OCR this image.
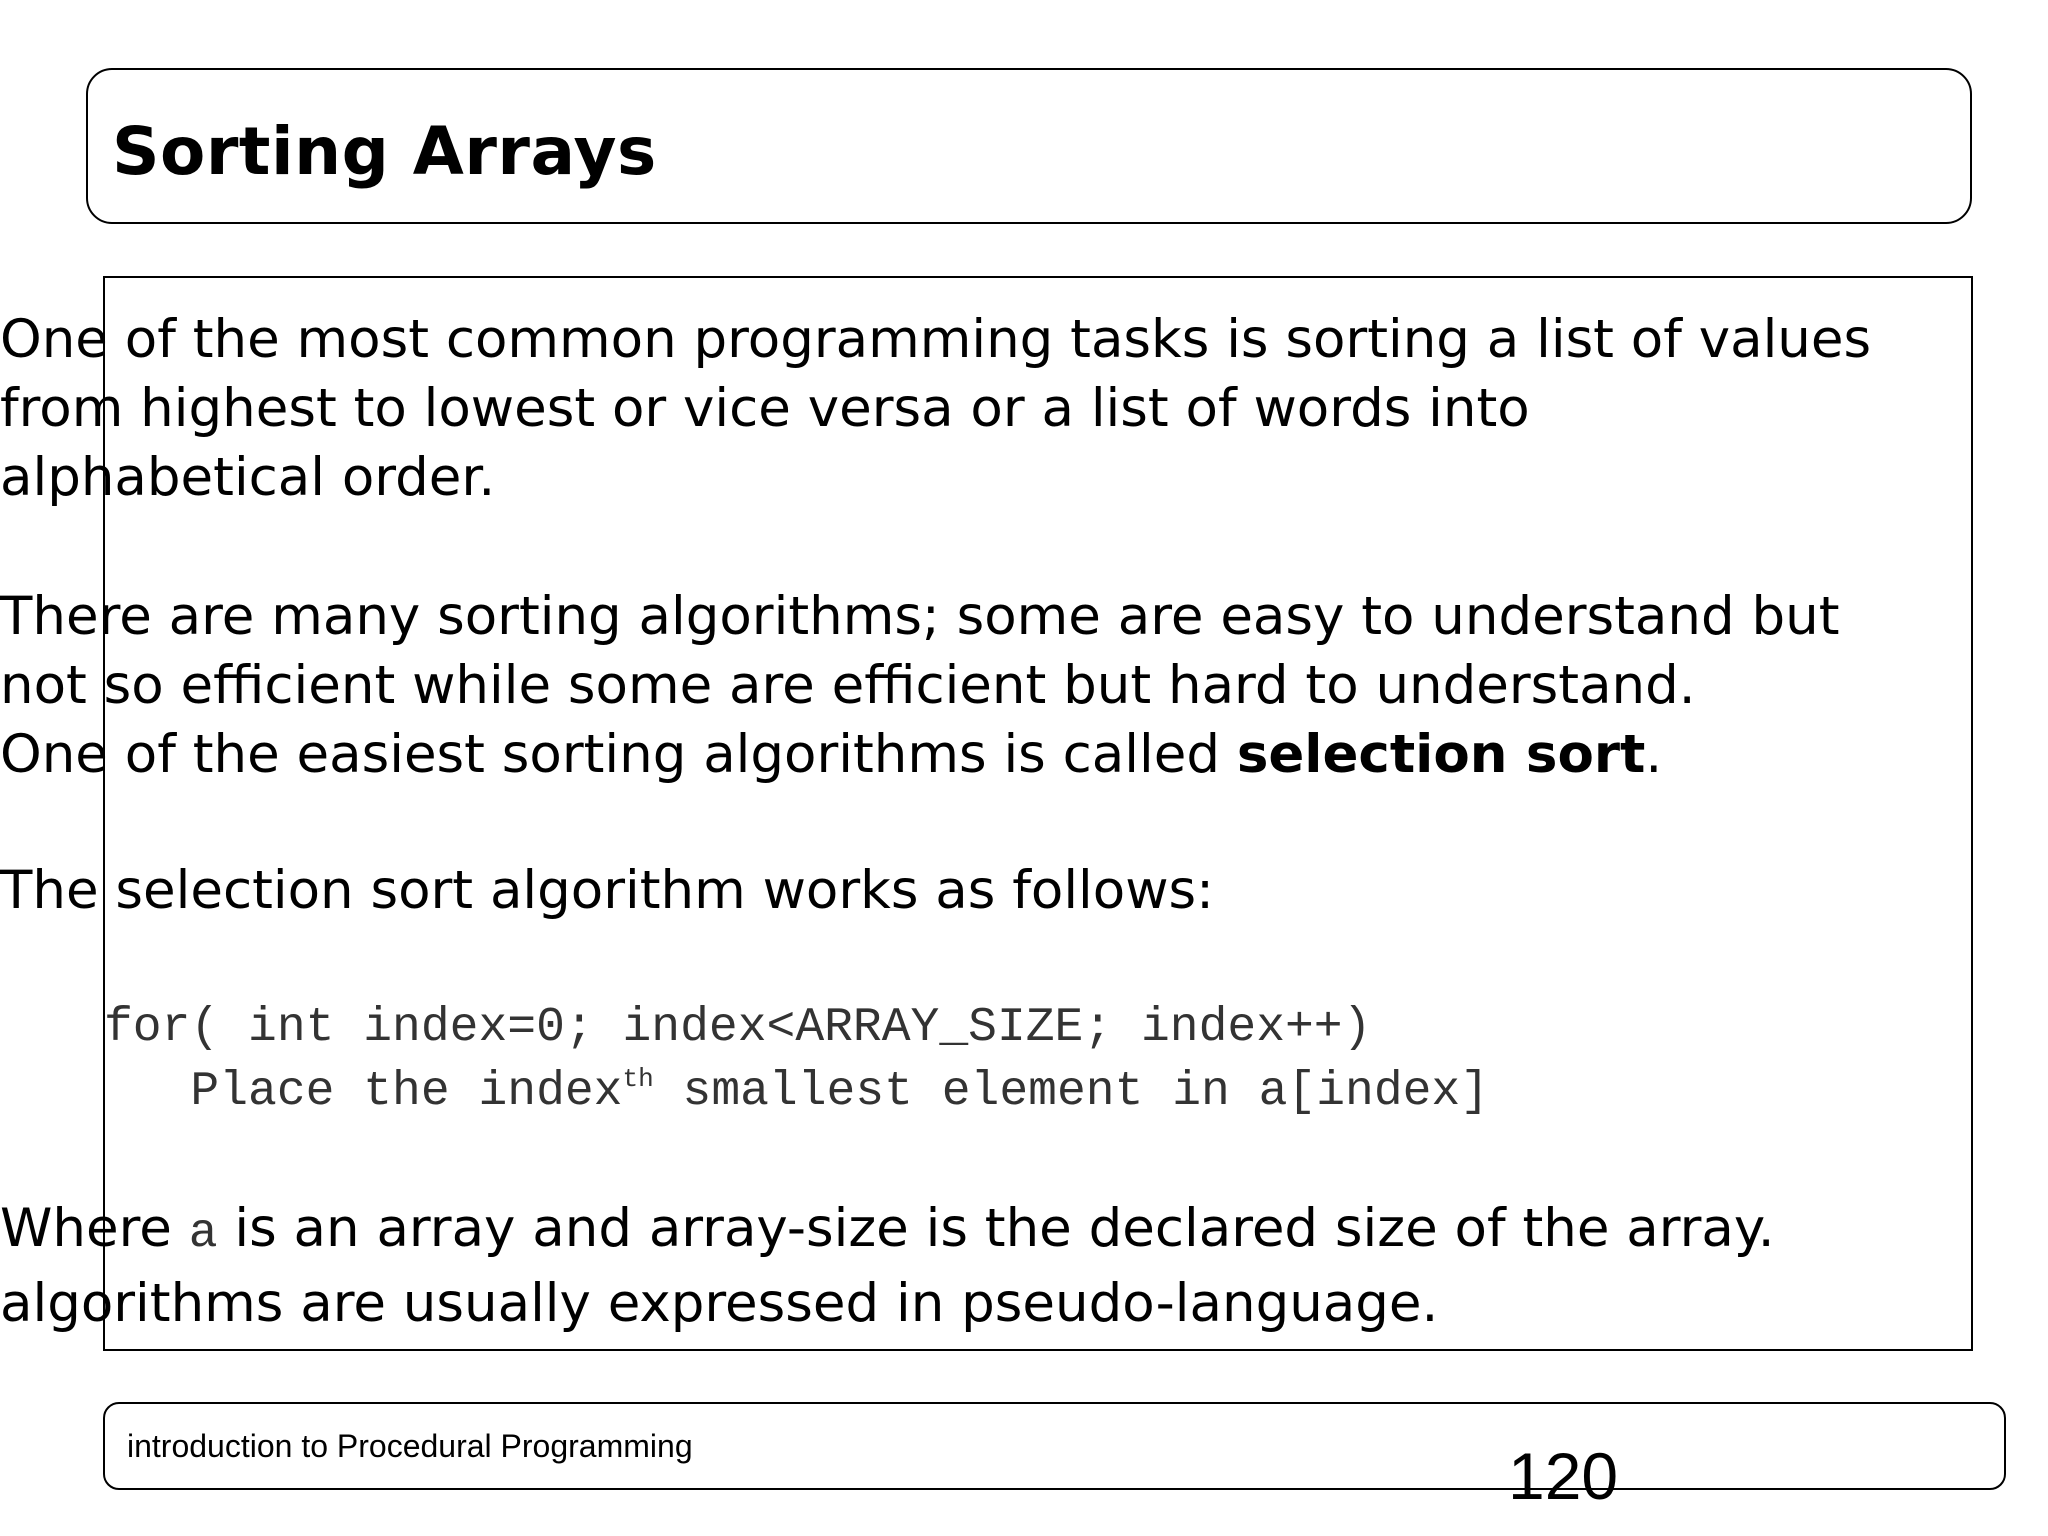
Sorting Arrays

One of the most common programming tasks is sorting a list of values
from highest to lowest or vice versa or a list of words into
alphabetical order.

There are many sorting algorithms; some are easy to understand but
not so efficient while some are efficient but hard to understand.
One of the easiest sorting algorithms is called selection sort.

The selection sort algorithm works as follows:

for( int index=0; index<ARRAY_SIZE; index++)
Place the index$^{th}$ smallest element in a[index]

Where a is an array and array-size is the declared size of the array.
algorithms are usually expressed in pseudo-language.

introduction to Procedural Programming	120
